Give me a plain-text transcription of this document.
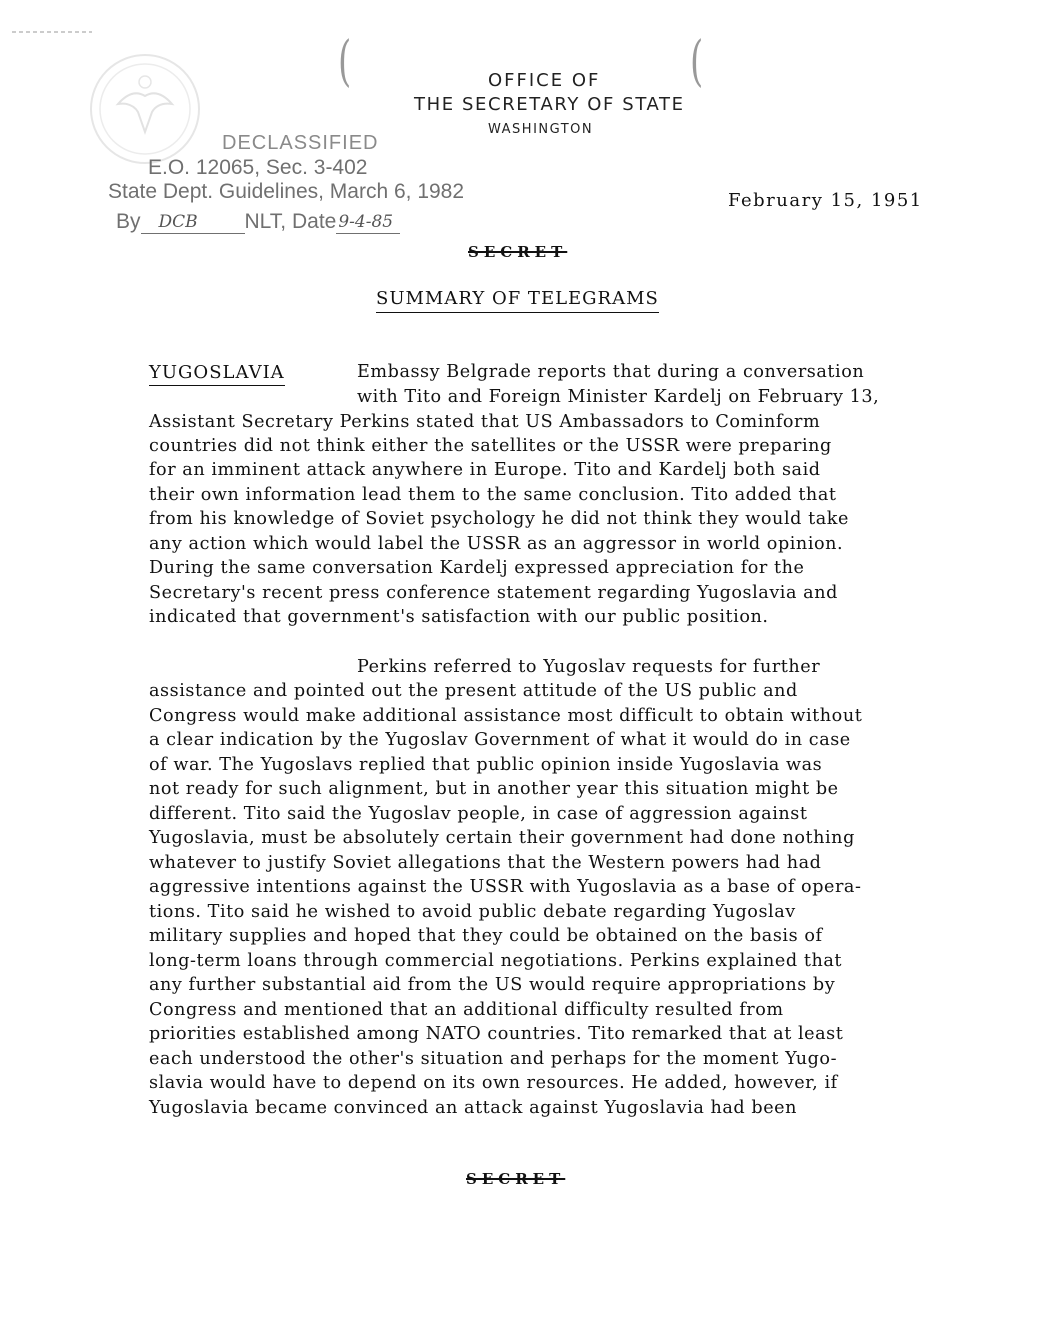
(	(
OFFICE OF
THE SECRETARY OF STATE
WASHINGTON
DECLASSIFIED
E.O. 12065, Sec. 3-402
State Dept. Guidelines, March 6, 1982
By DCB NLT, Date 9-4-85
February 15, 1951
SECRET
SUMMARY OF TELEGRAMS
YUGOSLAVIA	Embassy Belgrade reports that during a conversation
with Tito and Foreign Minister Kardelj on February 13,
Assistant Secretary Perkins stated that US Ambassadors to Cominform
countries did not think either the satellites or the USSR were preparing
for an imminent attack anywhere in Europe. Tito and Kardelj both said
their own information lead them to the same conclusion. Tito added that
from his knowledge of Soviet psychology he did not think they would take
any action which would label the USSR as an aggressor in world opinion.
During the same conversation Kardelj expressed appreciation for the
Secretary's recent press conference statement regarding Yugoslavia and
indicated that government's satisfaction with our public position.
Perkins referred to Yugoslav requests for further
assistance and pointed out the present attitude of the US public and
Congress would make additional assistance most difficult to obtain without
a clear indication by the Yugoslav Government of what it would do in case
of war. The Yugoslavs replied that public opinion inside Yugoslavia was
not ready for such alignment, but in another year this situation might be
different. Tito said the Yugoslav people, in case of aggression against
Yugoslavia, must be absolutely certain their government had done nothing
whatever to justify Soviet allegations that the Western powers had had
aggressive intentions against the USSR with Yugoslavia as a base of opera-
tions. Tito said he wished to avoid public debate regarding Yugoslav
military supplies and hoped that they could be obtained on the basis of
long-term loans through commercial negotiations. Perkins explained that
any further substantial aid from the US would require appropriations by
Congress and mentioned that an additional difficulty resulted from
priorities established among NATO countries. Tito remarked that at least
each understood the other's situation and perhaps for the moment Yugo-
slavia would have to depend on its own resources. He added, however, if
Yugoslavia became convinced an attack against Yugoslavia had been
SECRET
